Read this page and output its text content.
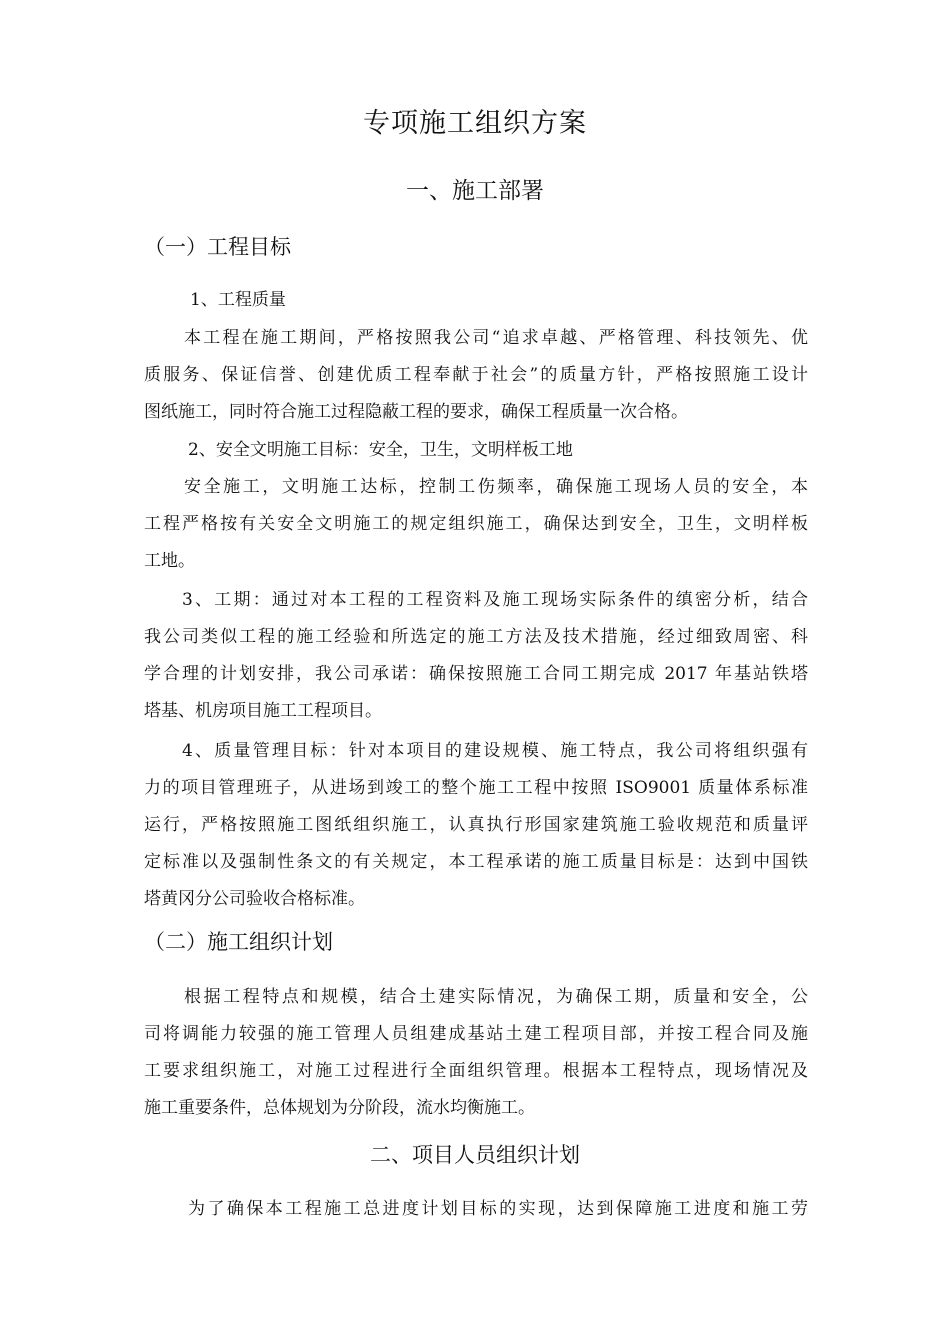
专项施工组织方案
一、施工部署
（一）工程目标

1、工程质量

本工程在施工期间，严格按照我公司“追求卓越、严格管理、科技领先、优
质服务、保证信誉、创建优质工程奉献于社会”的质量方针，严格按照施工设计
图纸施工，同时符合施工过程隐蔽工程的要求，确保工程质量一次合格。

2、安全文明施工目标：安全，卫生，文明样板工地

安全施工，文明施工达标，控制工伤频率，确保施工现场人员的安全，本
工程严格按有关安全文明施工的规定组织施工，确保达到安全，卫生，文明样板
工地。
3、工期：通过对本工程的工程资料及施工现场实际条件的缜密分析，结合
我公司类似工程的施工经验和所选定的施工方法及技术措施，经过细致周密、科
学合理的计划安排，我公司承诺：确保按照施工合同工期完成 2017 年基站铁塔
塔基、机房项目施工工程项目。
4、质量管理目标：针对本项目的建设规模、施工特点，我公司将组织强有
力的项目管理班子，从进场到竣工的整个施工工程中按照 ISO9001 质量体系标准
运行，严格按照施工图纸组织施工，认真执行形国家建筑施工验收规范和质量评
定标准以及强制性条文的有关规定，本工程承诺的施工质量目标是：达到中国铁
塔黄冈分公司验收合格标准。
（二）施工组织计划
根据工程特点和规模，结合土建实际情况，为确保工期，质量和安全，公
司将调能力较强的施工管理人员组建成基站土建工程项目部，并按工程合同及施
工要求组织施工，对施工过程进行全面组织管理。根据本工程特点，现场情况及
施工重要条件，总体规划为分阶段，流水均衡施工。
二、项目人员组织计划
为了确保本工程施工总进度计划目标的实现，达到保障施工进度和施工劳
